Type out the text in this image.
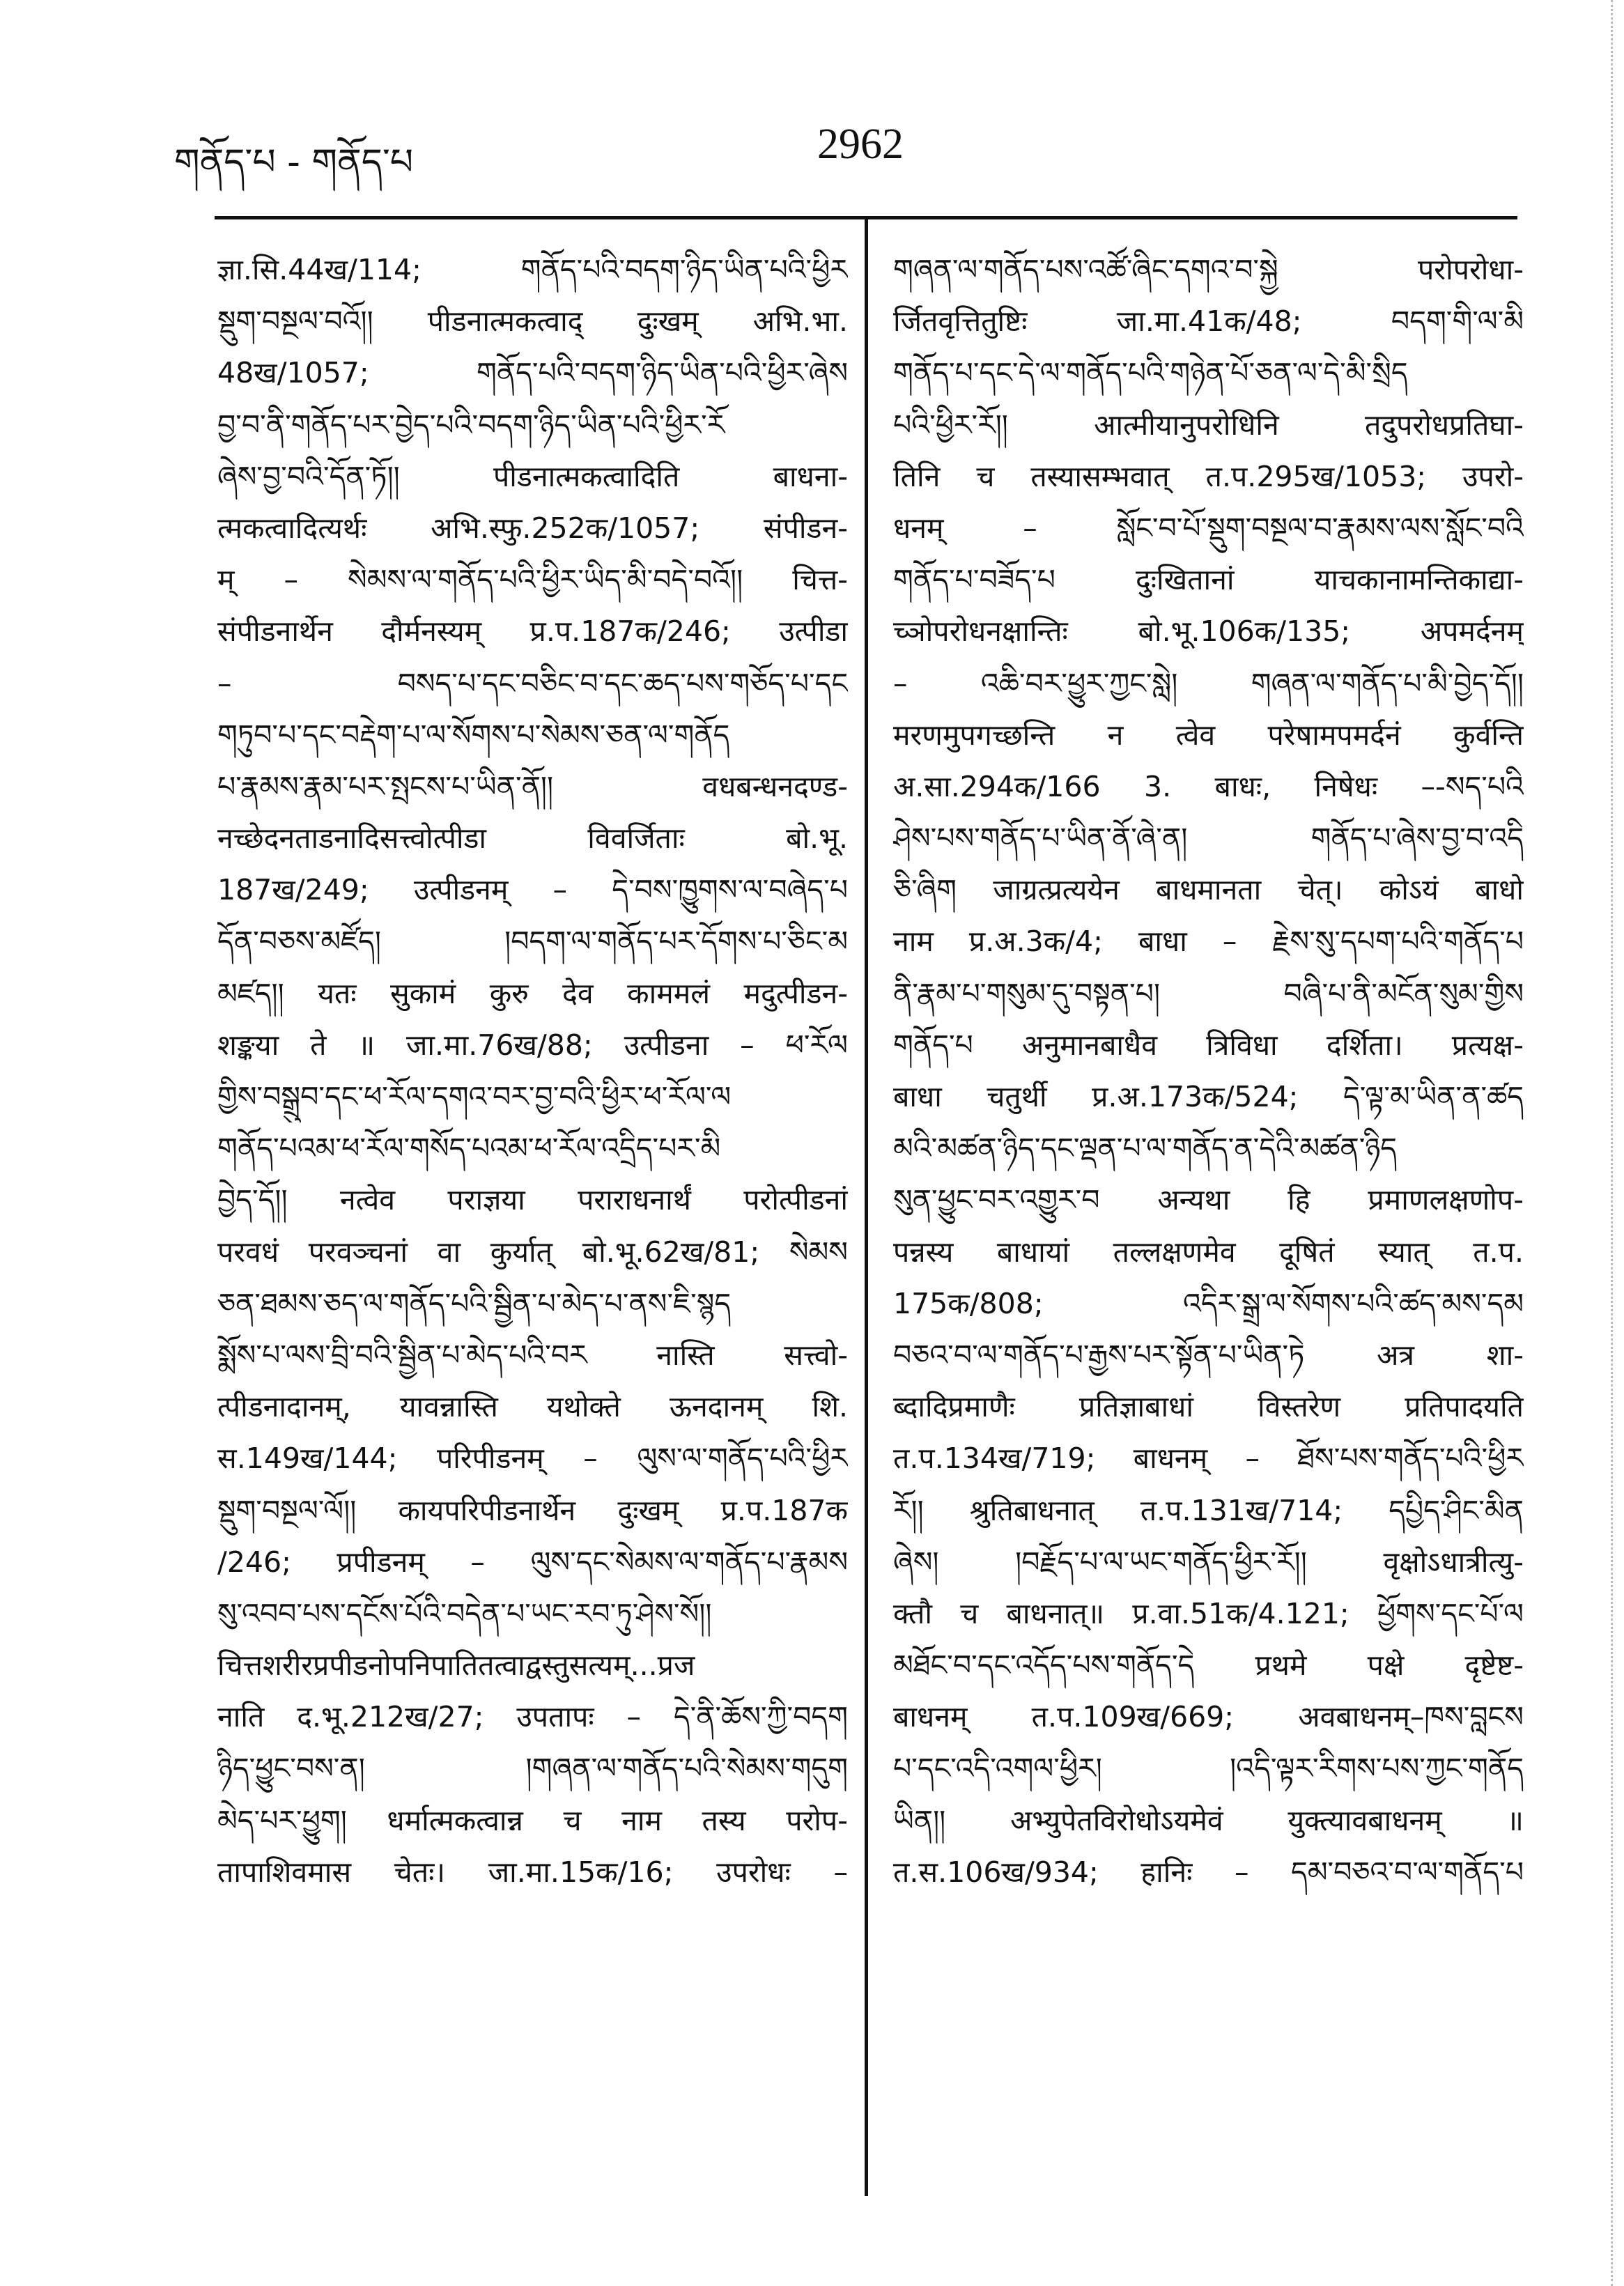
གནོད་པ - གནོད་པ	2962
ज्ञा.सि.44ख/114; གནོད་པའི་བདག་ཉིད་ཡིན་པའི་ཕྱིར
སྡུག་བསྔལ་བའོ།། पीडनात्मकत्वाद् दुःखम् अभि.भा.
48ख/1057; གནོད་པའི་བདག་ཉིད་ཡིན་པའི་ཕྱིར་ཞེས
བྱ་བ་ནི་གནོད་པར་བྱེད་པའི་བདག་ཉིད་ཡིན་པའི་ཕྱིར་རོ
ཞེས་བྱ་བའི་དོན་ཏོ།། पीडनात्मकत्वादिति बाधना-
त्मकत्वादित्यर्थः अभि.स्फु.252क/1057; संपीडन-
म् – སེམས་ལ་གནོད་པའི་ཕྱིར་ཡིད་མི་བདེ་བའོ།། चित्त-
संपीडनार्थेन दौर्मनस्यम् प्र.प.187क/246; उत्पीडा
– བསད་པ་དང་བཅིང་བ་དང་ཆད་པས་གཅོད་པ་དང
གཏུབ་པ་དང་བརྡེག་པ་ལ་སོགས་པ་སེམས་ཅན་ལ་གནོད
པ་རྣམས་རྣམ་པར་སྤངས་པ་ཡིན་ནོ།། वधबन्धनदण्ड-
नच्छेदनताडनादिसत्त्वोत्पीडा विवर्जिताः बो.भू.
187ख/249; उत्पीडनम् – དེ་བས་ཁྱུགས་ལ་བཞེད་པ
དོན་བཅས་མཛོད། །བདག་ལ་གནོད་པར་དོགས་པ་ཅིང་མ
མཛད།། यतः सुकामं कुरु देव काममलं मदुत्पीडन-
शङ्कया ते ॥ जा.मा.76ख/88; उत्पीडना – ཕ་རོལ
གྱིས་བསྒྲུབ་དང་ཕ་རོལ་དགའ་བར་བྱ་བའི་ཕྱིར་ཕ་རོལ་ལ
གནོད་པའམ་ཕ་རོལ་གསོད་པའམ་ཕ་རོལ་འདྲིད་པར་མི
བྱེད་དོ།། नत्वेव पराज्ञया पराराधनार्थं परोत्पीडनां
परवधं परवञ्चनां वा कुर्यात् बो.भू.62ख/81; སེམས
ཅན་ཐམས་ཅད་ལ་གནོད་པའི་སྦྱིན་པ་མེད་པ་ནས་ཇི་སྙད
སྨོས་པ་ལས་བྲི་བའི་སྦྱིན་པ་མེད་པའི་བར नास्ति सत्त्वो-
त्पीडनादानम्, यावन्नास्ति यथोक्ते ऊनदानम् शि.
स.149ख/144; परिपीडनम् – ལུས་ལ་གནོད་པའི་ཕྱིར
སྡུག་བསྔལ་ལོ།། कायपरिपीडनार्थेन दुःखम् प्र.प.187क
/246; प्रपीडनम् – ལུས་དང་སེམས་ལ་གནོད་པ་རྣམས
སུ་འབབ་པས་དངོས་པོའི་བདེན་པ་ཡང་རབ་ཏུ་ཤེས་སོ།།
चित्तशरीरप्रपीडनोपनिपातितत्वाद्वस्तुसत्यम्...प्रज
नाति द.भू.212ख/27; उपतापः – དེ་ནི་ཆོས་ཀྱི་བདག
ཉིད་ཕྱུང་བས་ན། །གཞན་ལ་གནོད་པའི་སེམས་གདུག
མེད་པར་ཕྱུག། धर्मात्मकत्वान्न च नाम तस्य परोप-
तापाशिवमास चेतः। जा.मा.15क/16; उपरोधः –
གཞན་ལ་གནོད་པས་འཚོ་ཞིང་དགའ་བ་སྐྱེ परोपरोधा-
र्जितवृत्तितुष्टिः जा.मा.41क/48; བདག་གི་ལ་མི
གནོད་པ་དང་དེ་ལ་གནོད་པའི་གཉེན་པོ་ཅན་ལ་དེ་མི་སྲིད
པའི་ཕྱིར་རོ།། आत्मीयानुपरोधिनि तदुपरोधप्रतिघा-
तिनि च तस्यासम्भवात् त.प.295ख/1053; उपरो-
धनम् – སློང་བ་པོ་སྡུག་བསྔལ་བ་རྣམས་ལས་སློང་བའི
གནོད་པ་བཟོད་པ दुःखितानां याचकानामन्तिकाद्या-
च्ञोपरोधनक्षान्तिः बो.भू.106क/135; अपमर्दनम्
– འཆི་བར་ཕྱུར་ཀྱང་སླེ། གཞན་ལ་གནོད་པ་མི་བྱེད་དོ།།
मरणमुपगच्छन्ति न त्वेव परेषामपमर्दनं कुर्वन्ति
अ.सा.294क/166 3. बाधः, निषेधः –-སད་པའི
ཤེས་པས་གནོད་པ་ཡིན་ནོ་ཞེ་ན། གནོད་པ་ཞེས་བྱ་བ་འདི
ཅི་ཞིག जाग्रत्प्रत्ययेन बाधमानता चेत्। कोऽयं बाधो
नाम प्र.अ.3क/4; बाधा – རྗེས་སུ་དཔག་པའི་གནོད་པ
ནི་རྣམ་པ་གསུམ་དུ་བསྟན་པ། བཞི་པ་ནི་མངོན་སུམ་གྱིས
གནོད་པ अनुमानबाधैव त्रिविधा दर्शिता। प्रत्यक्ष-
बाधा चतुर्थी प्र.अ.173क/524; དེ་ལྟ་མ་ཡིན་ན་ཚད
མའི་མཚན་ཉིད་དང་ལྡན་པ་ལ་གནོད་ན་དེའི་མཚན་ཉིད
སུན་ཕྱུང་བར་འགྱུར་བ अन्यथा हि प्रमाणलक्षणोप-
पन्नस्य बाधायां तल्लक्षणमेव दूषितं स्यात् त.प.
175क/808; འདིར་སྒྲ་ལ་སོགས་པའི་ཚད་མས་དམ
བཅའ་བ་ལ་གནོད་པ་རྒྱས་པར་སྟོན་པ་ཡིན་ཏེ अत्र शा-
ब्दादिप्रमाणैः प्रतिज्ञाबाधां विस्तरेण प्रतिपादयति
त.प.134ख/719; बाधनम् – ཐོས་པས་གནོད་པའི་ཕྱིར
རོ།། श्रुतिबाधनात् त.प.131ख/714; དཔྱིད་ཤིང་མིན
ཞེས། །བརྗོད་པ་ལ་ཡང་གནོད་ཕྱིར་རོ།། वृक्षोऽधात्रीत्यु-
क्तौ च बाधनात्॥ प्र.वा.51क/4.121; ཕྱོགས་དང་པོ་ལ
མཐོང་བ་དང་འདོད་པས་གནོད་དེ प्रथमे पक्षे दृष्टेष्ट-
बाधनम् त.प.109ख/669; अवबाधनम्–ཁས་བླངས
པ་དང་འདི་འགལ་ཕྱིར། །འདི་ལྟར་རིགས་པས་ཀྱང་གནོད
ཡིན།། अभ्युपेतविरोधोऽयमेवं युक्त्यावबाधनम् ॥
त.स.106ख/934; हानिः – དམ་བཅའ་བ་ལ་གནོད་པ
